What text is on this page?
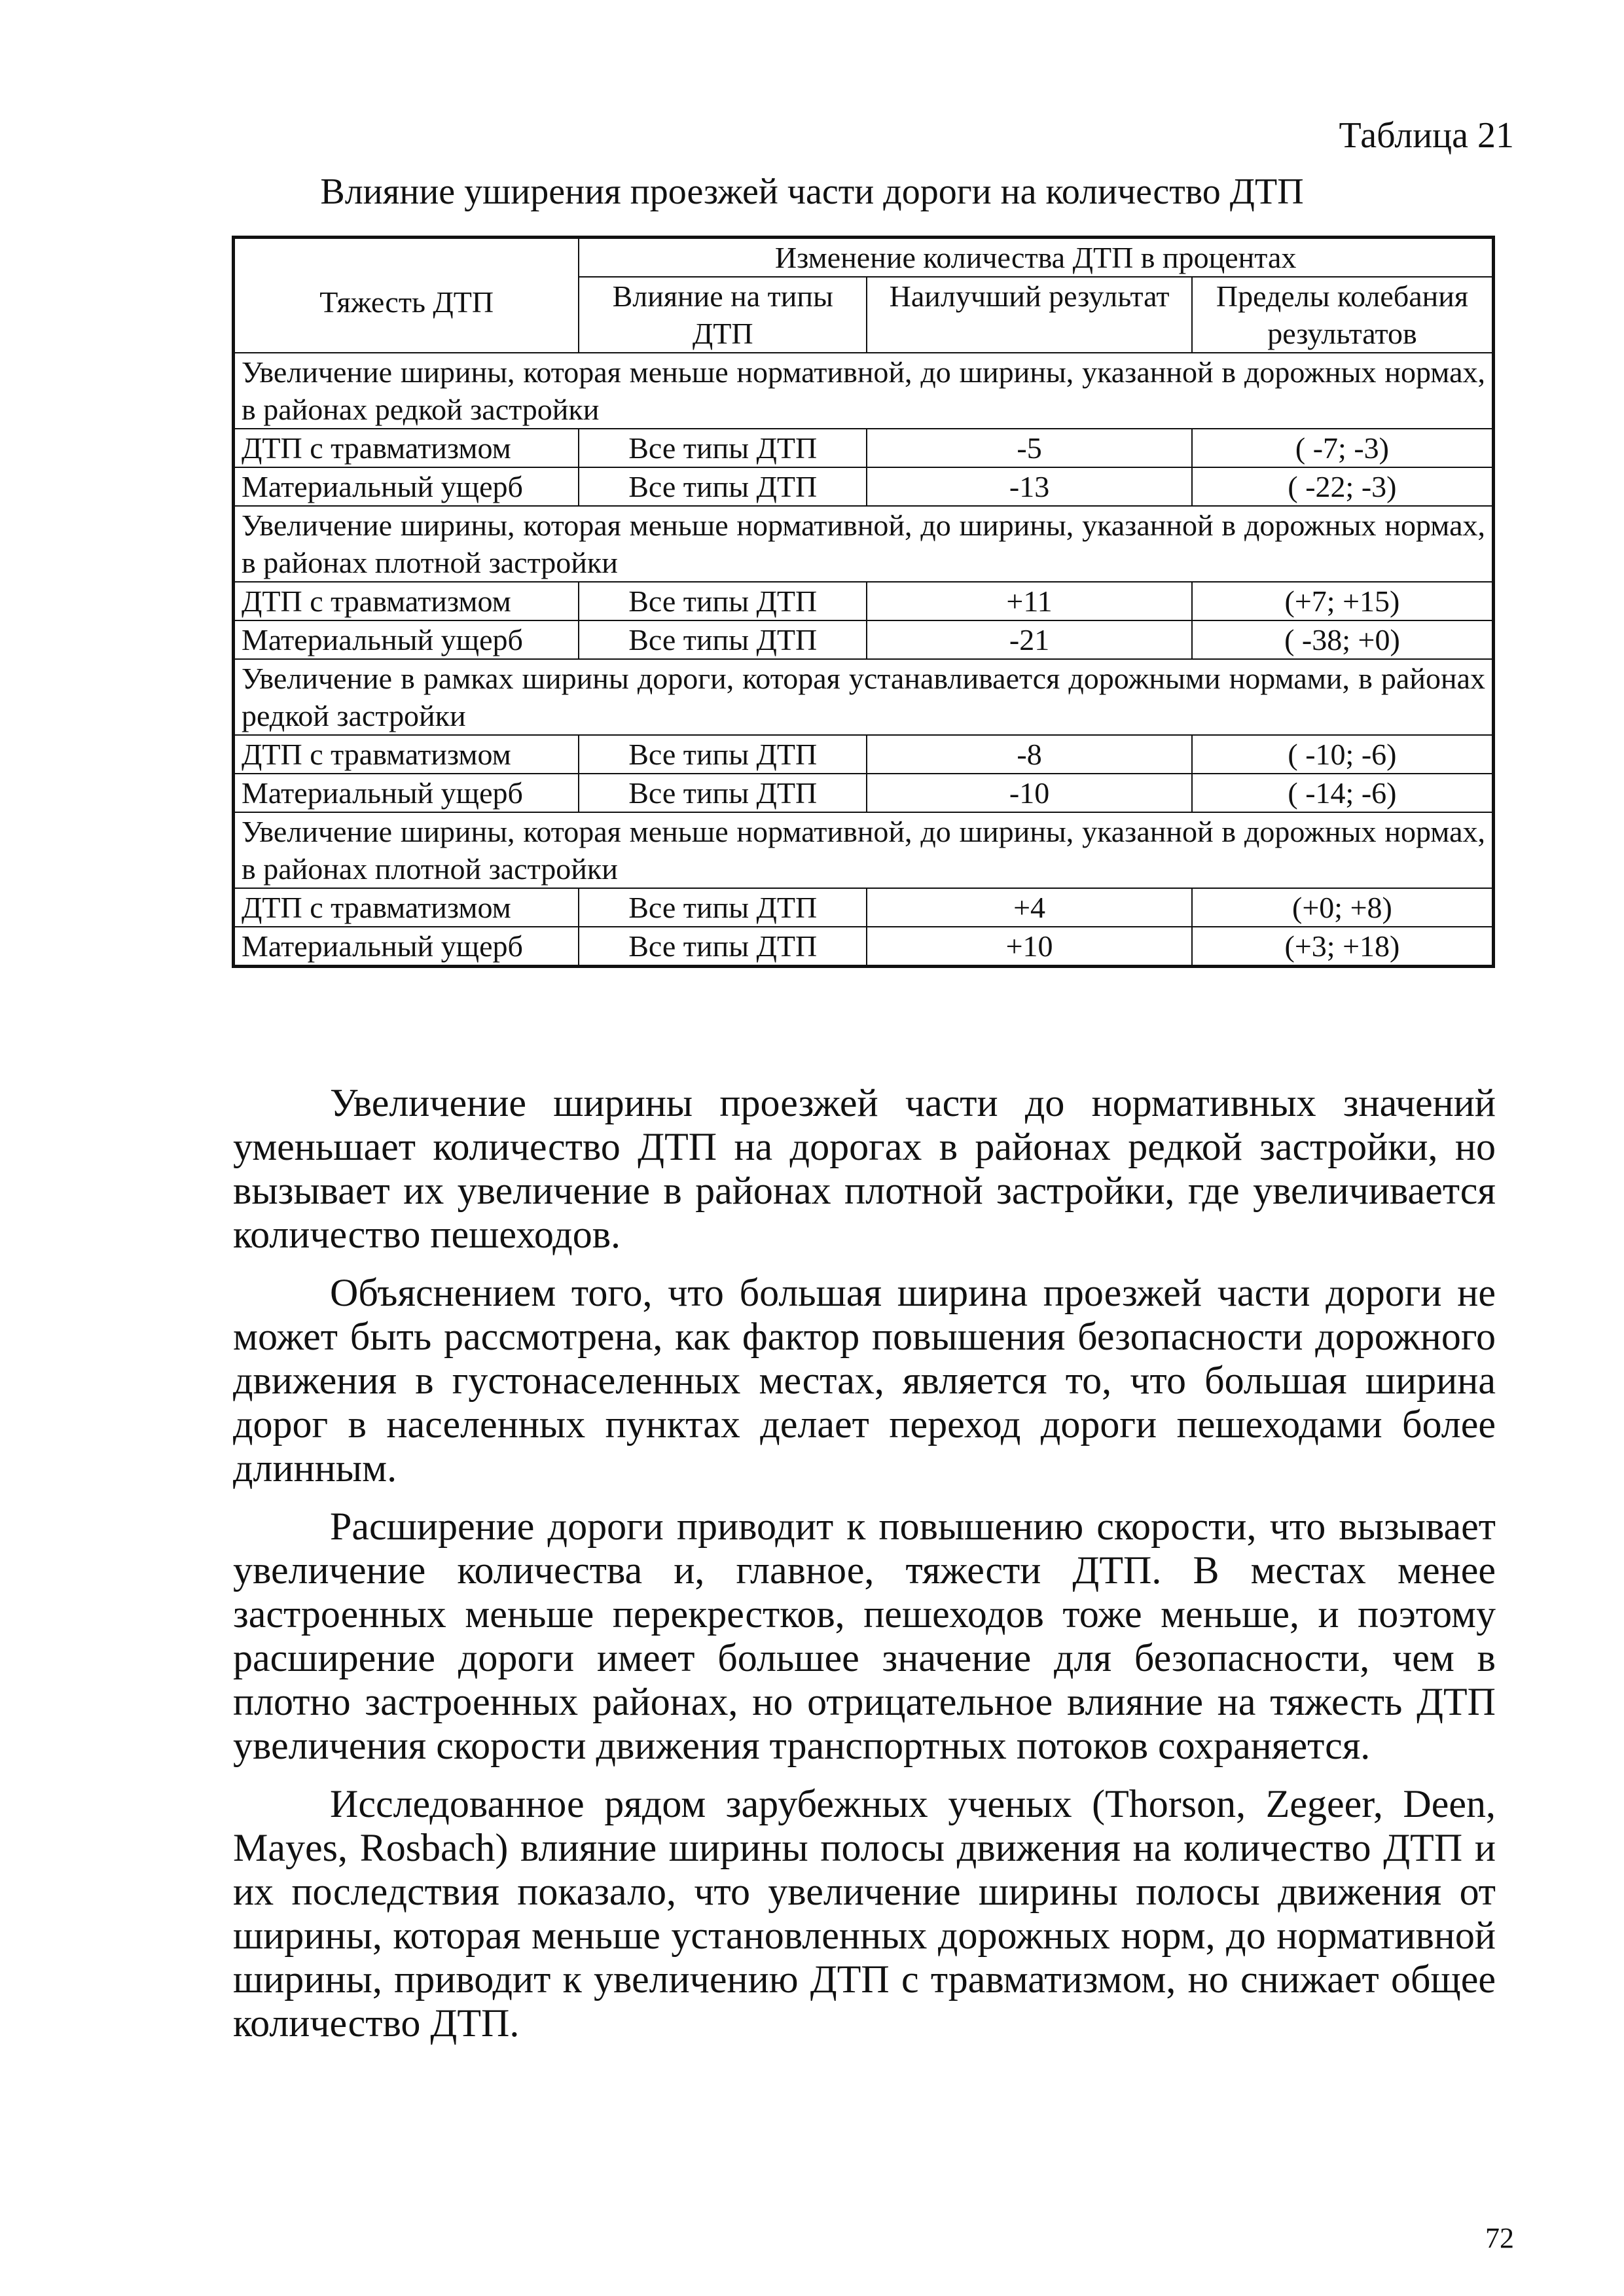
Таблица 21
Влияние уширения проезжей части дороги на количество ДТП
Тяжесть ДТП	Изменение количества ДТП в процентах		
	Влияние на типы ДТП	Наилучший результат	Пределы колебания результатов
Увеличение ширины, которая меньше нормативной, до ширины, указанной в дорожных нормах, в районах редкой застройки			
ДТП с травматизмом	Все типы ДТП	-5	( -7; -3)
Материальный ущерб	Все типы ДТП	-13	( -22; -3)
Увеличение ширины, которая меньше нормативной, до ширины, указанной в дорожных нормах, в районах плотной застройки			
ДТП с травматизмом	Все типы ДТП	+11	(+7; +15)
Материальный ущерб	Все типы ДТП	-21	( -38; +0)
Увеличение в рамках ширины дороги, которая устанавливается дорожными нормами, в районах редкой застройки			
ДТП с травматизмом	Все типы ДТП	-8	( -10; -6)
Материальный ущерб	Все типы ДТП	-10	( -14; -6)
Увеличение ширины, которая меньше нормативной, до ширины, указанной в дорожных нормах, в районах плотной застройки			
ДТП с травматизмом	Все типы ДТП	+4	(+0; +8)
Материальный ущерб	Все типы ДТП	+10	(+3; +18)

Увеличение ширины проезжей части до нормативных значений уменьшает количество ДТП на дорогах в районах редкой застройки, но вызывает их увеличение в районах плотной застройки, где увеличивается количество пешеходов.

Объяснением того, что большая ширина проезжей части дороги не может быть рассмотрена, как фактор повышения безопасности дорожного движения в густонаселенных местах, является то, что большая ширина дорог в населенных пунктах делает переход дороги пешеходами более длинным.

Расширение дороги приводит к повышению скорости, что вызывает увеличение количества и, главное, тяжести ДТП. В местах менее застроенных меньше перекрестков, пешеходов тоже меньше, и поэтому расширение дороги имеет большее значение для безопасности, чем в плотно застроенных районах, но отрицательное влияние на тяжесть ДТП увеличения скорости движения транспортных потоков сохраняется.

Исследованное рядом зарубежных ученых (Thorson, Zegeer, Deen, Mayes, Rosbach) влияние ширины полосы движения на количество ДТП и их последствия показало, что увеличение ширины полосы движения от ширины, которая меньше установленных дорожных норм, до нормативной ширины, приводит к увеличению ДТП с травматизмом, но снижает общее количество ДТП.

72
